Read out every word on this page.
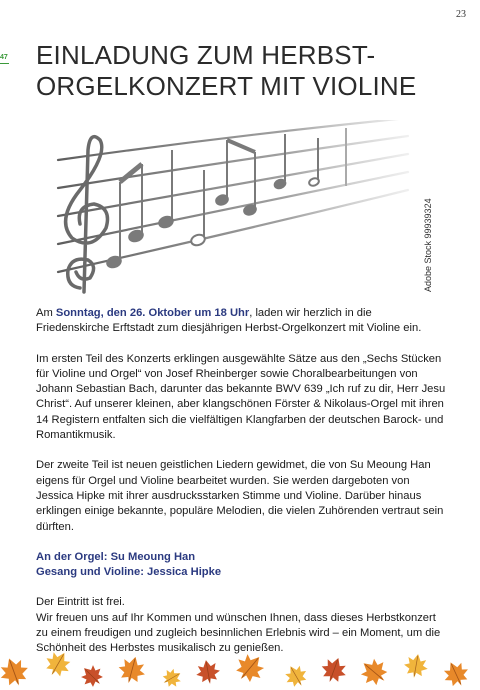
23
47 EINLADUNG ZUM HERBST-ORGELKONZERT MIT VIOLINE
Adobe Stock 99939324

Am Sonntag, den 26. Oktober um 18 Uhr, laden wir herzlich in die Friedenskirche Erftstadt zum diesjährigen Herbst-Orgelkonzert mit Violine ein.

Im ersten Teil des Konzerts erklingen ausgewählte Sätze aus den „Sechs Stücken für Violine und Orgel“ von Josef Rheinberger sowie Choralbearbeitungen von Johann Sebastian Bach, darunter das bekannte BWV 639 „Ich ruf zu dir, Herr Jesu Christ“. Auf unserer kleinen, aber klangschönen Förster & Nikolaus-Orgel mit ihren 14 Registern entfalten sich die vielfältigen Klangfarben der deutschen Barock- und Romantikmusik.

Der zweite Teil ist neuen geistlichen Liedern gewidmet, die von Su Meoung Han eigens für Orgel und Violine bearbeitet wurden. Sie werden dargeboten von Jessica Hipke mit ihrer ausdrucksstarken Stimme und Violine. Darüber hinaus erklingen einige bekannte, populäre Melodien, die vielen Zuhörenden vertraut sein dürften.

An der Orgel: Su Meoung Han
Gesang und Violine: Jessica Hipke

Der Eintritt ist frei.
Wir freuen uns auf Ihr Kommen und wünschen Ihnen, dass dieses Herbstkonzert zu einem freudigen und zugleich besinnlichen Erlebnis wird – ein Moment, um die Schönheit des Herbstes musikalisch zu genießen.
